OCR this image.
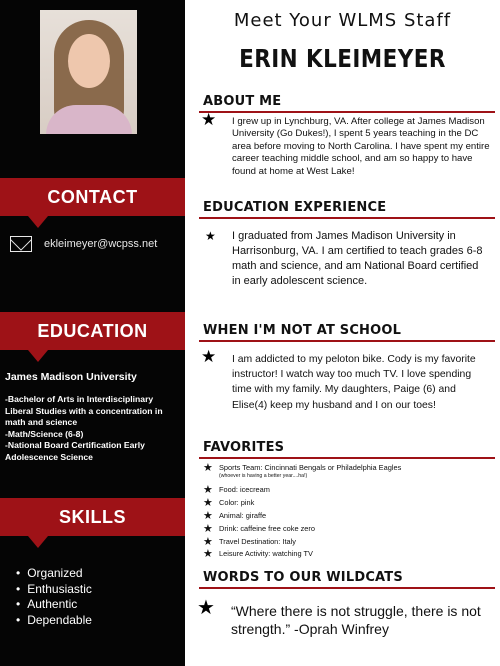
CONTACT
ekleimeyer@wcpss.net
EDUCATION
James Madison University
-Bachelor of Arts in Interdisciplinary Liberal Studies with a concentration in math and science
-Math/Science (6-8)
-National Board Certification Early Adolescence Science
SKILLS
• Organized
• Enthusiastic
• Authentic
• Dependable
Meet Your WLMS Staff
ERIN KLEIMEYER
ABOUT ME
★ I grew up in Lynchburg, VA. After college at James Madison University (Go Dukes!), I spent 5 years teaching in the DC area before moving to North Carolina. I have spent my entire career teaching middle school, and am so happy to have found at home at West Lake!
EDUCATION EXPERIENCE
★ I graduated from James Madison University in Harrisonburg, VA. I am certified to teach grades 6-8 math and science, and am National Board certified in early adolescent science.
WHEN I'M NOT AT SCHOOL
★ I am addicted to my peloton bike. Cody is my favorite instructor! I watch way too much TV. I love spending time with my family. My daughters, Paige (6) and Elise(4) keep my husband and I on our toes!
FAVORITES
★ Sports Team: Cincinnati Bengals or Philadelphia Eagles
(whoever is having a better year....ha!)
★ Food: icecream
★ Color: pink
★ Animal: giraffe
★ Drink: caffeine free coke zero
★ Travel Destination: Italy
★ Leisure Activity: watching TV
WORDS TO OUR WILDCATS
★ “Where there is not struggle, there is not strength.” -Oprah Winfrey
